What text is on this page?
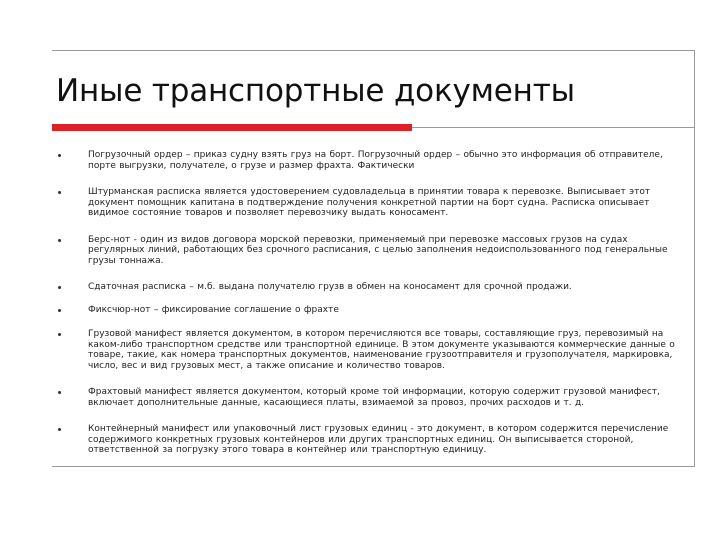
Иные транспортные документы
Погрузочный ордер – приказ судну взять груз на борт. Погрузочный ордер – обычно это информация об отправителе, порте выгрузки, получателе, о грузе и размер фрахта. Фактически
Штурманская расписка является удостоверением судовладельца в принятии товара к перевозке. Выписывает этот документ помощник капитана в подтверждение получения конкретной партии на борт судна. Расписка описывает видимое состояние товаров и позволяет перевозчику выдать коносамент.
Берс-нот - один из видов договора морской перевозки, применяемый при перевозке массовых грузов на судах регулярных линий, работающих без срочного расписания, с целью заполнения недоиспользованного под генеральные грузы тоннажа.
Сдаточная расписка – м.б. выдана получателю грузв в обмен на коносамент для срочной продажи.
Фиксчюр-нот – фиксирование соглашение о фрахте
Грузовой манифест является документом, в котором перечисляются все товары, составляющие груз, перевозимый на каком-либо транспортном средстве или транспортной единице. В этом документе указываются коммерческие данные о товаре, такие, как номера транспортных документов, наименование грузоотправителя и грузополучателя, маркировка, число, вес и вид грузовых мест, а также описание и количество товаров.
Фрахтовый манифест является документом, который кроме той информации, которую содержит грузовой манифест, включает дополнительные данные, касающиеся платы, взимаемой за провоз, прочих расходов и т. д.
Контейнерный манифест или упаковочный лист грузовых единиц - это документ, в котором содержится перечисление содержимого конкретных грузовых контейнеров или других транспортных единиц. Он выписывается стороной, ответственной за погрузку этого товара в контейнер или транспортную единицу.
